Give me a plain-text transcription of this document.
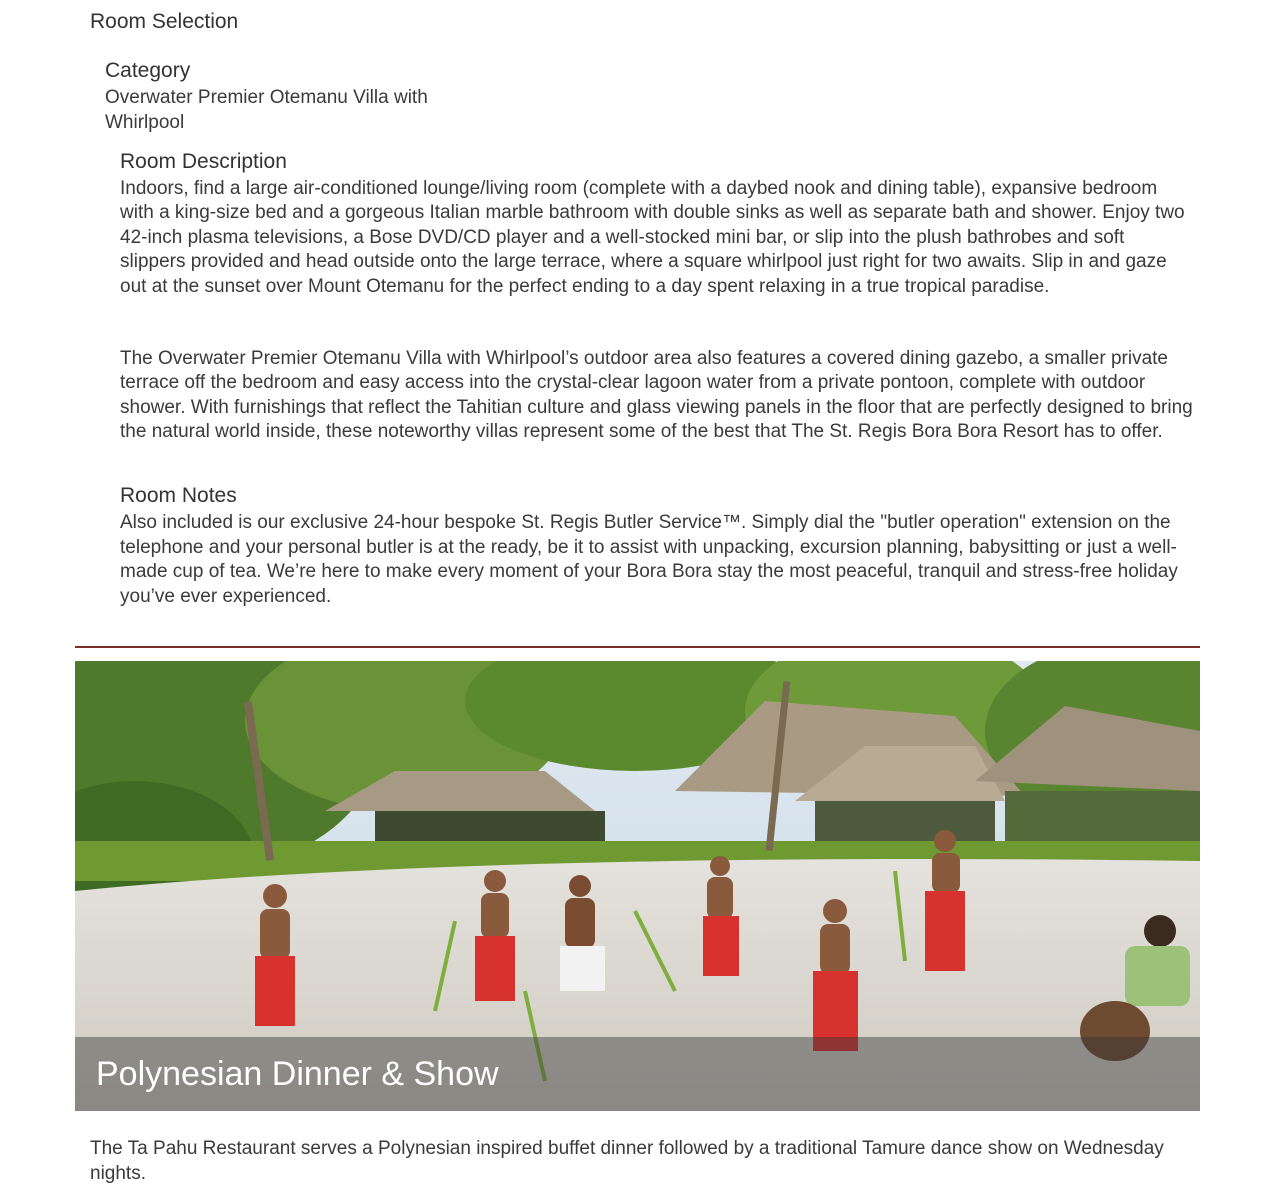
Room Selection
Category
Overwater Premier Otemanu Villa with Whirlpool
Room Description

Indoors, find a large air-conditioned lounge/living room (complete with a daybed nook and dining table), expansive bedroom with a king-size bed and a gorgeous Italian marble bathroom with double sinks as well as separate bath and shower. Enjoy two 42-inch plasma televisions, a Bose DVD/CD player and a well-stocked mini bar, or slip into the plush bathrobes and soft slippers provided and head outside onto the large terrace, where a square whirlpool just right for two awaits. Slip in and gaze out at the sunset over Mount Otemanu for the perfect ending to a day spent relaxing in a true tropical paradise.

The Overwater Premier Otemanu Villa with Whirlpool’s outdoor area also features a covered dining gazebo, a smaller private terrace off the bedroom and easy access into the crystal-clear lagoon water from a private pontoon, complete with outdoor shower. With furnishings that reflect the Tahitian culture and glass viewing panels in the floor that are perfectly designed to bring the natural world inside, these noteworthy villas represent some of the best that The St. Regis Bora Bora Resort has to offer.

Room Notes

Also included is our exclusive 24-hour bespoke St. Regis Butler Service™. Simply dial the "butler operation" extension on the telephone and your personal butler is at the ready, be it to assist with unpacking, excursion planning, babysitting or just a well-made cup of tea. We’re here to make every moment of your Bora Bora stay the most peaceful, tranquil and stress-free holiday you’ve ever experienced.

Polynesian Dinner & Show

The Ta Pahu Restaurant serves a Polynesian inspired buffet dinner followed by a traditional Tamure dance show on Wednesday nights.
